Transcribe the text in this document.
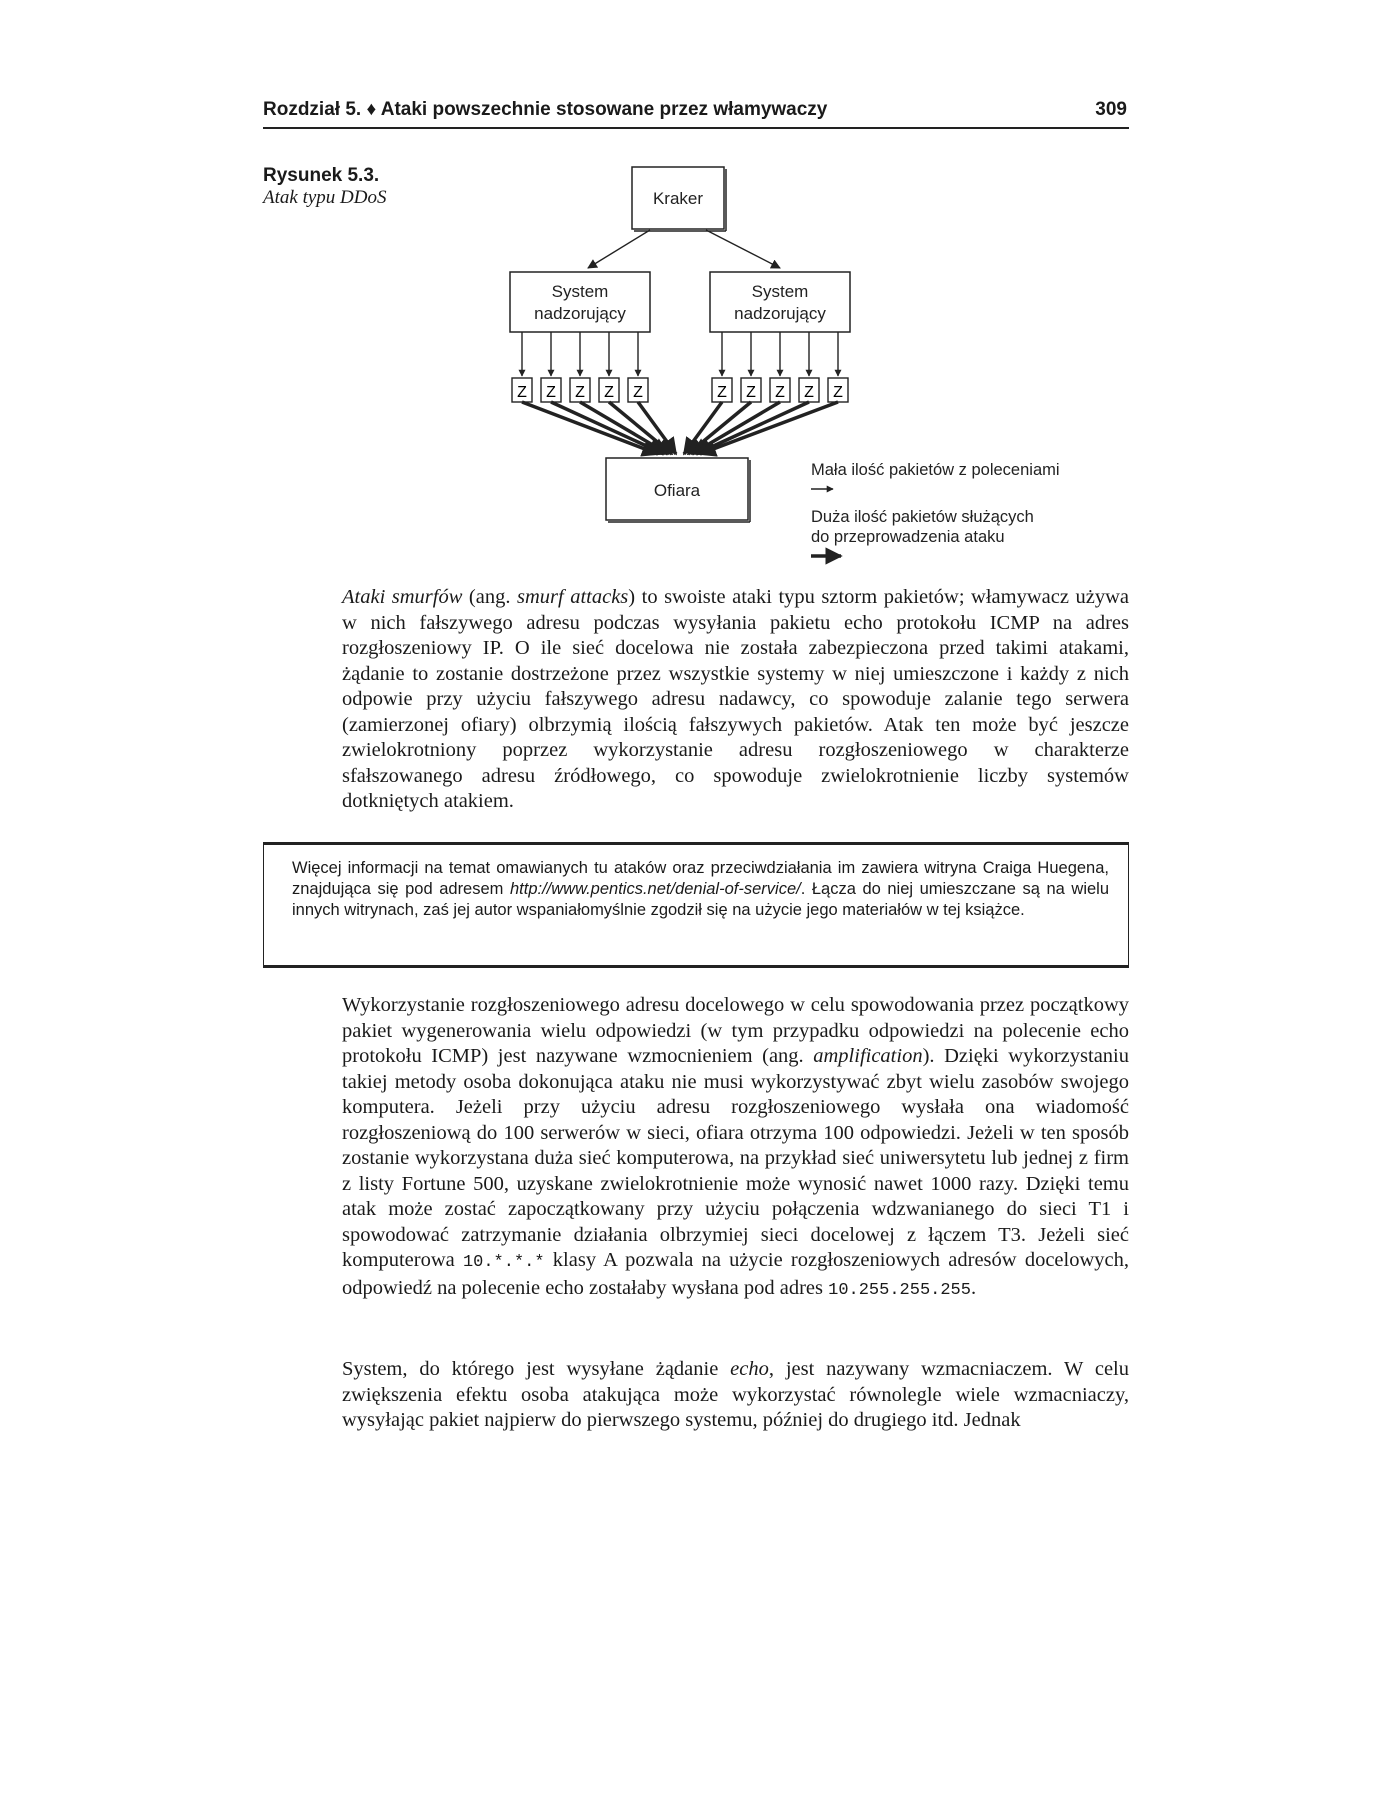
Rozdział 5. ♦ Ataki powszechnie stosowane przez włamywaczy	309
Rysunek 5.3.
Atak typu DDoS	Kraker
System
nadzorujący
System
nadzorujący
Z Z Z Z Z	Z Z Z Z Z
Ofiara
Mała ilość pakietów z poleceniami
Duża ilość pakietów służących
do przeprowadzenia ataku

Ataki smurfów (ang. smurf attacks) to swoiste ataki typu sztorm pakietów; włamywacz używa w nich fałszywego adresu podczas wysyłania pakietu echo protokołu ICMP na adres rozgłoszeniowy IP. O ile sieć docelowa nie została zabezpieczona przed takimi atakami, żądanie to zostanie dostrzeżone przez wszystkie systemy w niej umieszczone i każdy z nich odpowie przy użyciu fałszywego adresu nadawcy, co spowoduje zalanie tego serwera (zamierzonej ofiary) olbrzymią ilością fałszywych pakietów. Atak ten może być jeszcze zwielokrotniony poprzez wykorzystanie adresu rozgłoszeniowego w charakterze sfałszowanego adresu źródłowego, co spowoduje zwielokrotnienie liczby systemów dotkniętych atakiem.

Więcej informacji na temat omawianych tu ataków oraz przeciwdziałania im zawiera witryna Craiga Huegena, znajdująca się pod adresem http://www.pentics.net/denial-of-service/. Łącza do niej umieszczane są na wielu innych witrynach, zaś jej autor wspaniałomyślnie zgodził się na użycie jego materiałów w tej książce.

Wykorzystanie rozgłoszeniowego adresu docelowego w celu spowodowania przez początkowy pakiet wygenerowania wielu odpowiedzi (w tym przypadku odpowiedzi na polecenie echo protokołu ICMP) jest nazywane wzmocnieniem (ang. amplification). Dzięki wykorzystaniu takiej metody osoba dokonująca ataku nie musi wykorzystywać zbyt wielu zasobów swojego komputera. Jeżeli przy użyciu adresu rozgłoszeniowego wysłała ona wiadomość rozgłoszeniową do 100 serwerów w sieci, ofiara otrzyma 100 odpowiedzi. Jeżeli w ten sposób zostanie wykorzystana duża sieć komputerowa, na przykład sieć uniwersytetu lub jednej z firm z listy Fortune 500, uzyskane zwielokrotnienie może wynosić nawet 1000 razy. Dzięki temu atak może zostać zapoczątkowany przy użyciu połączenia wdzwanianego do sieci T1 i spowodować zatrzymanie działania olbrzymiej sieci docelowej z łączem T3. Jeżeli sieć komputerowa 10.*.*.* klasy A pozwala na użycie rozgłoszeniowych adresów docelowych, odpowiedź na polecenie echo zostałaby wysłana pod adres 10.255.255.255.

System, do którego jest wysyłane żądanie echo, jest nazywany wzmacniaczem. W celu zwiększenia efektu osoba atakująca może wykorzystać równolegle wiele wzmacniaczy, wysyłając pakiet najpierw do pierwszego systemu, później do drugiego itd. Jednak
